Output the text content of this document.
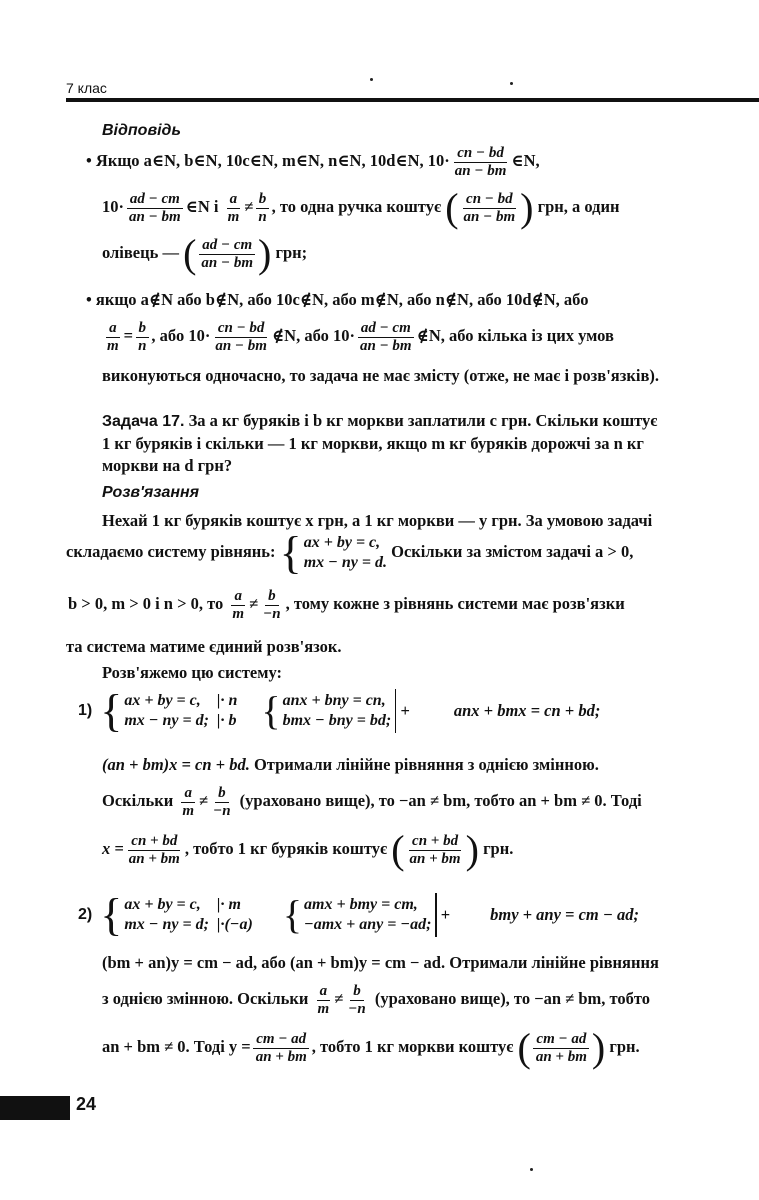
7 клас
Відповідь
• Якщо a∈N, b∈N, 10c∈N, m∈N, n∈N, 10d∈N, $10\cdot \frac{cn - bd}{an - bm}$ ∈N,
$10\cdot \frac{ad - cm}{an - bm}$ ∈N і $\frac{a}{m} \ne \frac{b}{n}$ , то одна ручка коштує ( $\frac{cn - bd}{an - bm}$ ) грн, а один
олівець — ( $\frac{ad - cm}{an - bm}$ ) грн;
• якщо a∉N або b∉N, або 10c∉N, або m∉N, або n∉N, або 10d∉N, або
$\frac{a}{m} = \frac{b}{n}$ , або $10\cdot \frac{cn - bd}{an - bm}$ ∉N, або $10\cdot \frac{ad - cm}{an - bm}$ ∉N, або кілька із цих умов
виконуються одночасно, то задача не має змісту (отже, не має і розв'язків).
Задача 17. За a кг буряків і b кг моркви заплатили c грн. Скільки коштує
1 кг буряків і скільки — 1 кг моркви, якщо m кг буряків дорожчі за n кг
моркви на d грн?
Розв'язання
Нехай 1 кг буряків коштує x грн, а 1 кг моркви — y грн. За умовою задачі
складаємо систему рівнянь: { ax + by = c,
mx − ny = d.
Оскільки за змістом задачі a > 0,
b > 0, m > 0 і n > 0, то $\frac{a}{m} \ne \frac{b}{-n}$ , тому кожне з рівнянь системи має розв'язки
та система матиме єдиний розв'язок.
Розв'яжемо цю систему:
1) { ax + by = c,
mx − ny = d;
|· n
|· b { anx + bny = cn,
bmx − bny = bd;
+	anx + bmx = cn + bd;
(an + bm)x = cn + bd. Отримали лінійне рівняння з однією змінною.
Оскільки $\frac{a}{m} \ne \frac{b}{-n}$ (ураховано вище), то −an ≠ bm, тобто an + bm ≠ 0. Тоді
$x = \frac{cn + bd}{an + bm}$ , тобто 1 кг буряків коштує ( $\frac{cn + bd}{an + bm}$ ) грн.
2) { ax + by = c,
mx − ny = d;
|· m
|·(−a) { amx + bmy = cm,
−amx + any = −ad;
+ bmy + any = cm − ad;
(bm + an)y = cm − ad, або (an + bm)y = cm − ad. Отримали лінійне рівняння
з однією змінною. Оскільки $\frac{a}{m} \ne \frac{b}{-n}$ (ураховано вище), то −an ≠ bm, тобто
an + bm ≠ 0. Тоді $y = \frac{cm - ad}{an + bm}$ , тобто 1 кг моркви коштує ( $\frac{cm - ad}{an + bm}$ ) грн.
24
